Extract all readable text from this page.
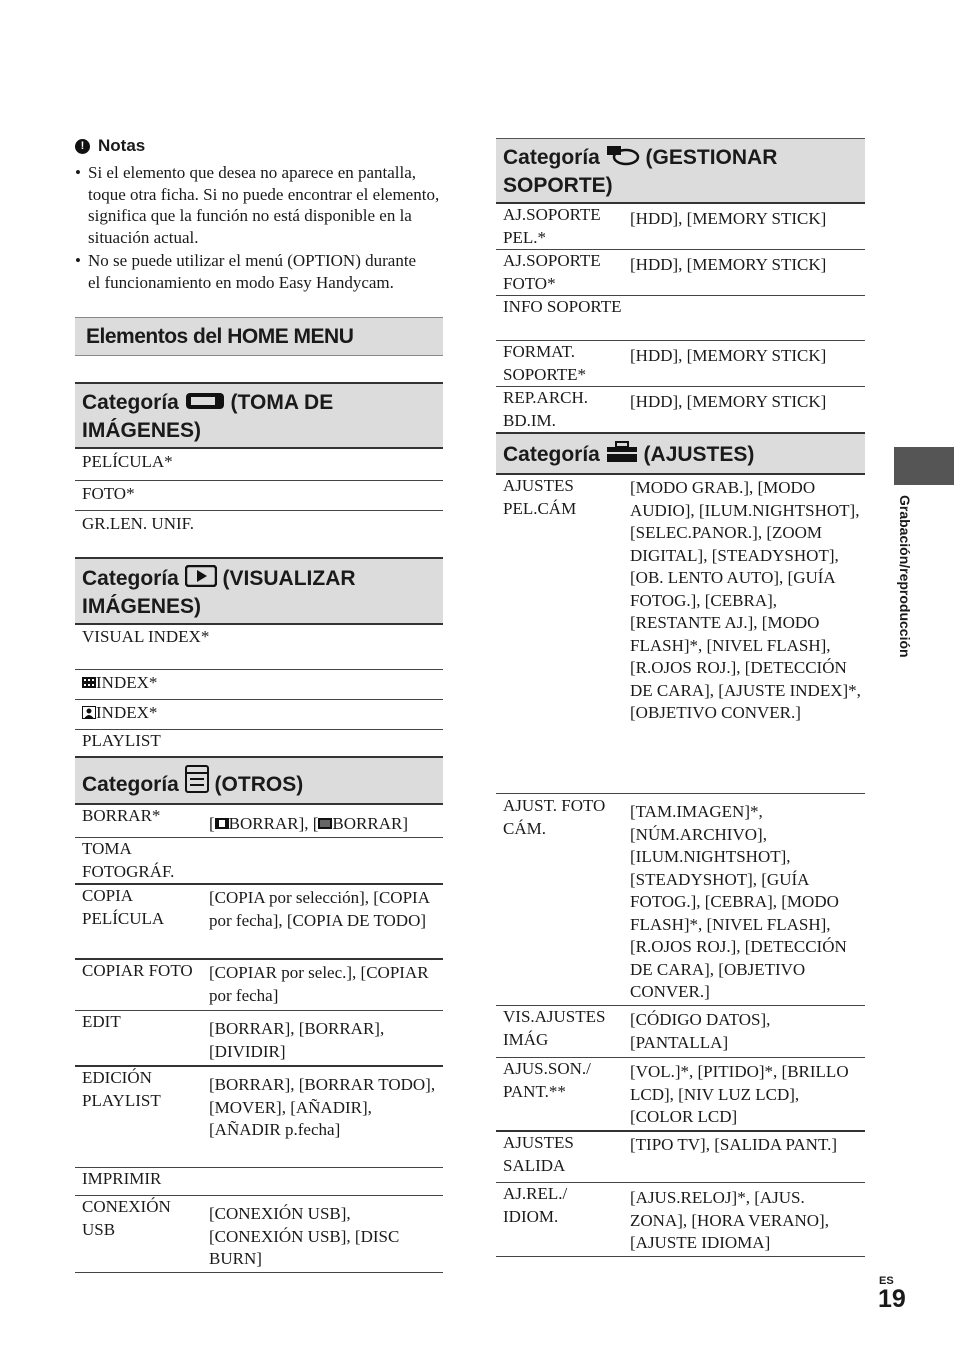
! Notas
• Si el elemento que desea no aparece en pantalla, toque otra ficha. Si no puede encontrar el elemento, significa que la función no está disponible en la situación actual.
• No se puede utilizar el menú (OPTION) durante el funcionamiento en modo Easy Handycam.
Elementos del HOME MENU
Categoría (TOMA DE IMÁGENES)
PELÍCULA*
FOTO*
GR.LEN. UNIF.
Categoría (VISUALIZAR IMÁGENES)
VISUAL INDEX*
INDEX*
INDEX*
PLAYLIST
Categoría (OTROS)
BORRAR*	[ BORRAR], [ BORRAR]
TOMA FOTOGRÁF.	
COPIA PELÍCULA	[COPIA por selección], [COPIA por fecha], [COPIA DE TODO]
COPIAR FOTO	[COPIAR por selec.], [COPIAR por fecha]
EDIT	[BORRAR], [BORRAR], [DIVIDIR]
EDICIÓN PLAYLIST	[BORRAR], [BORRAR TODO], [MOVER], [AÑADIR], [AÑADIR p.fecha]
IMPRIMIR	
CONEXIÓN USB	[CONEXIÓN USB], [CONEXIÓN USB], [DISC BURN]
Categoría (GESTIONAR SOPORTE)
AJ.SOPORTE PEL.*	[HDD], [MEMORY STICK]
AJ.SOPORTE FOTO*	[HDD], [MEMORY STICK]
INFO SOPORTE	
FORMAT. SOPORTE*	[HDD], [MEMORY STICK]
REP.ARCH. BD.IM.	[HDD], [MEMORY STICK]
Categoría (AJUSTES)
AJUSTES PEL.CÁM	[MODO GRAB.], [MODO AUDIO], [ILUM.NIGHTSHOT], [SELEC.PANOR.], [ZOOM DIGITAL], [STEADYSHOT], [OB. LENTO AUTO], [GUÍA FOTOG.], [CEBRA], [RESTANTE AJ.], [MODO FLASH]*, [NIVEL FLASH], [R.OJOS ROJ.], [DETECCIÓN DE CARA], [AJUSTE INDEX]*, [OBJETIVO CONVER.]
AJUST. FOTO CÁM.	[TAM.IMAGEN]*, [NÚM.ARCHIVO], [ILUM.NIGHTSHOT], [STEADYSHOT], [GUÍA FOTOG.], [CEBRA], [MODO FLASH]*, [NIVEL FLASH], [R.OJOS ROJ.], [DETECCIÓN DE CARA], [OBJETIVO CONVER.]
VIS.AJUSTES IMÁG	[CÓDIGO DATOS], [PANTALLA]
AJUS.SON./ PANT.**	[VOL.]*, [PITIDO]*, [BRILLO LCD], [NIV LUZ LCD], [COLOR LCD]
AJUSTES SALIDA	[TIPO TV], [SALIDA PANT.]
AJ.REL./ IDIOM.	[AJUS.RELOJ]*, [AJUS. ZONA], [HORA VERANO], [AJUSTE IDIOMA]
Grabación/reproducción
ES
19
